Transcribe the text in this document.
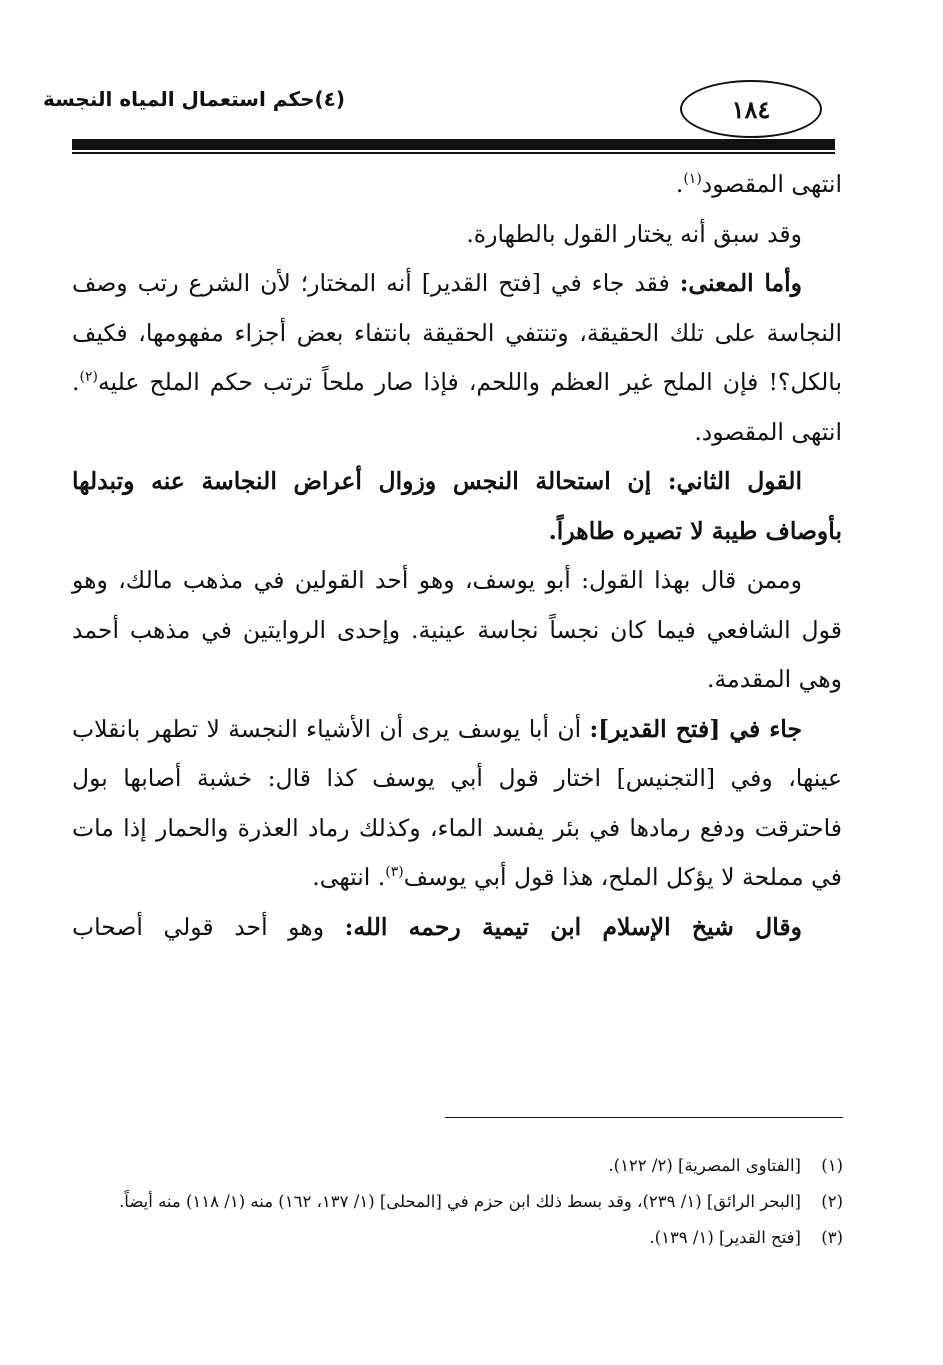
(٤)حكم استعمال المياه النجسة	١٨٤

انتهى المقصود$^{(١)}$.

وقد سبق أنه يختار القول بالطهارة.

وأما المعنى: فقد جاء في [فتح القدير] أنه المختار؛ لأن الشرع رتب وصف النجاسة على تلك الحقيقة، وتنتفي الحقيقة بانتفاء بعض أجزاء مفهومها، فكيف بالكل؟! فإن الملح غير العظم واللحم، فإذا صار ملحاً ترتب حكم الملح عليه$^{(٢)}$. انتهى المقصود.

القول الثاني: إن استحالة النجس وزوال أعراض النجاسة عنه وتبدلها بأوصاف طيبة لا تصيره طاهراً.

وممن قال بهذا القول: أبو يوسف، وهو أحد القولين في مذهب مالك، وهو قول الشافعي فيما كان نجساً نجاسة عينية. وإحدى الروايتين في مذهب أحمد وهي المقدمة.

جاء في [فتح القدير]: أن أبا يوسف يرى أن الأشياء النجسة لا تطهر بانقلاب عينها، وفي [التجنيس] اختار قول أبي يوسف كذا قال: خشبة أصابها بول فاحترقت ودفع رمادها في بئر يفسد الماء، وكذلك رماد العذرة والحمار إذا مات في مملحة لا يؤكل الملح، هذا قول أبي يوسف$^{(٣)}$. انتهى.

وقال شيخ الإسلام ابن تيمية رحمه الله: وهو أحد قولي أصحاب

(١)
[الفتاوى المصرية] (٢/ ١٢٢).
(٢)
[البحر الرائق] (١/ ٢٣٩)، وقد بسط ذلك ابن حزم في [المحلى] (١/ ١٣٧، ١٦٢) منه (١/ ١١٨) منه أيضاً.
(٣)
[فتح القدير] (١/ ١٣٩).
